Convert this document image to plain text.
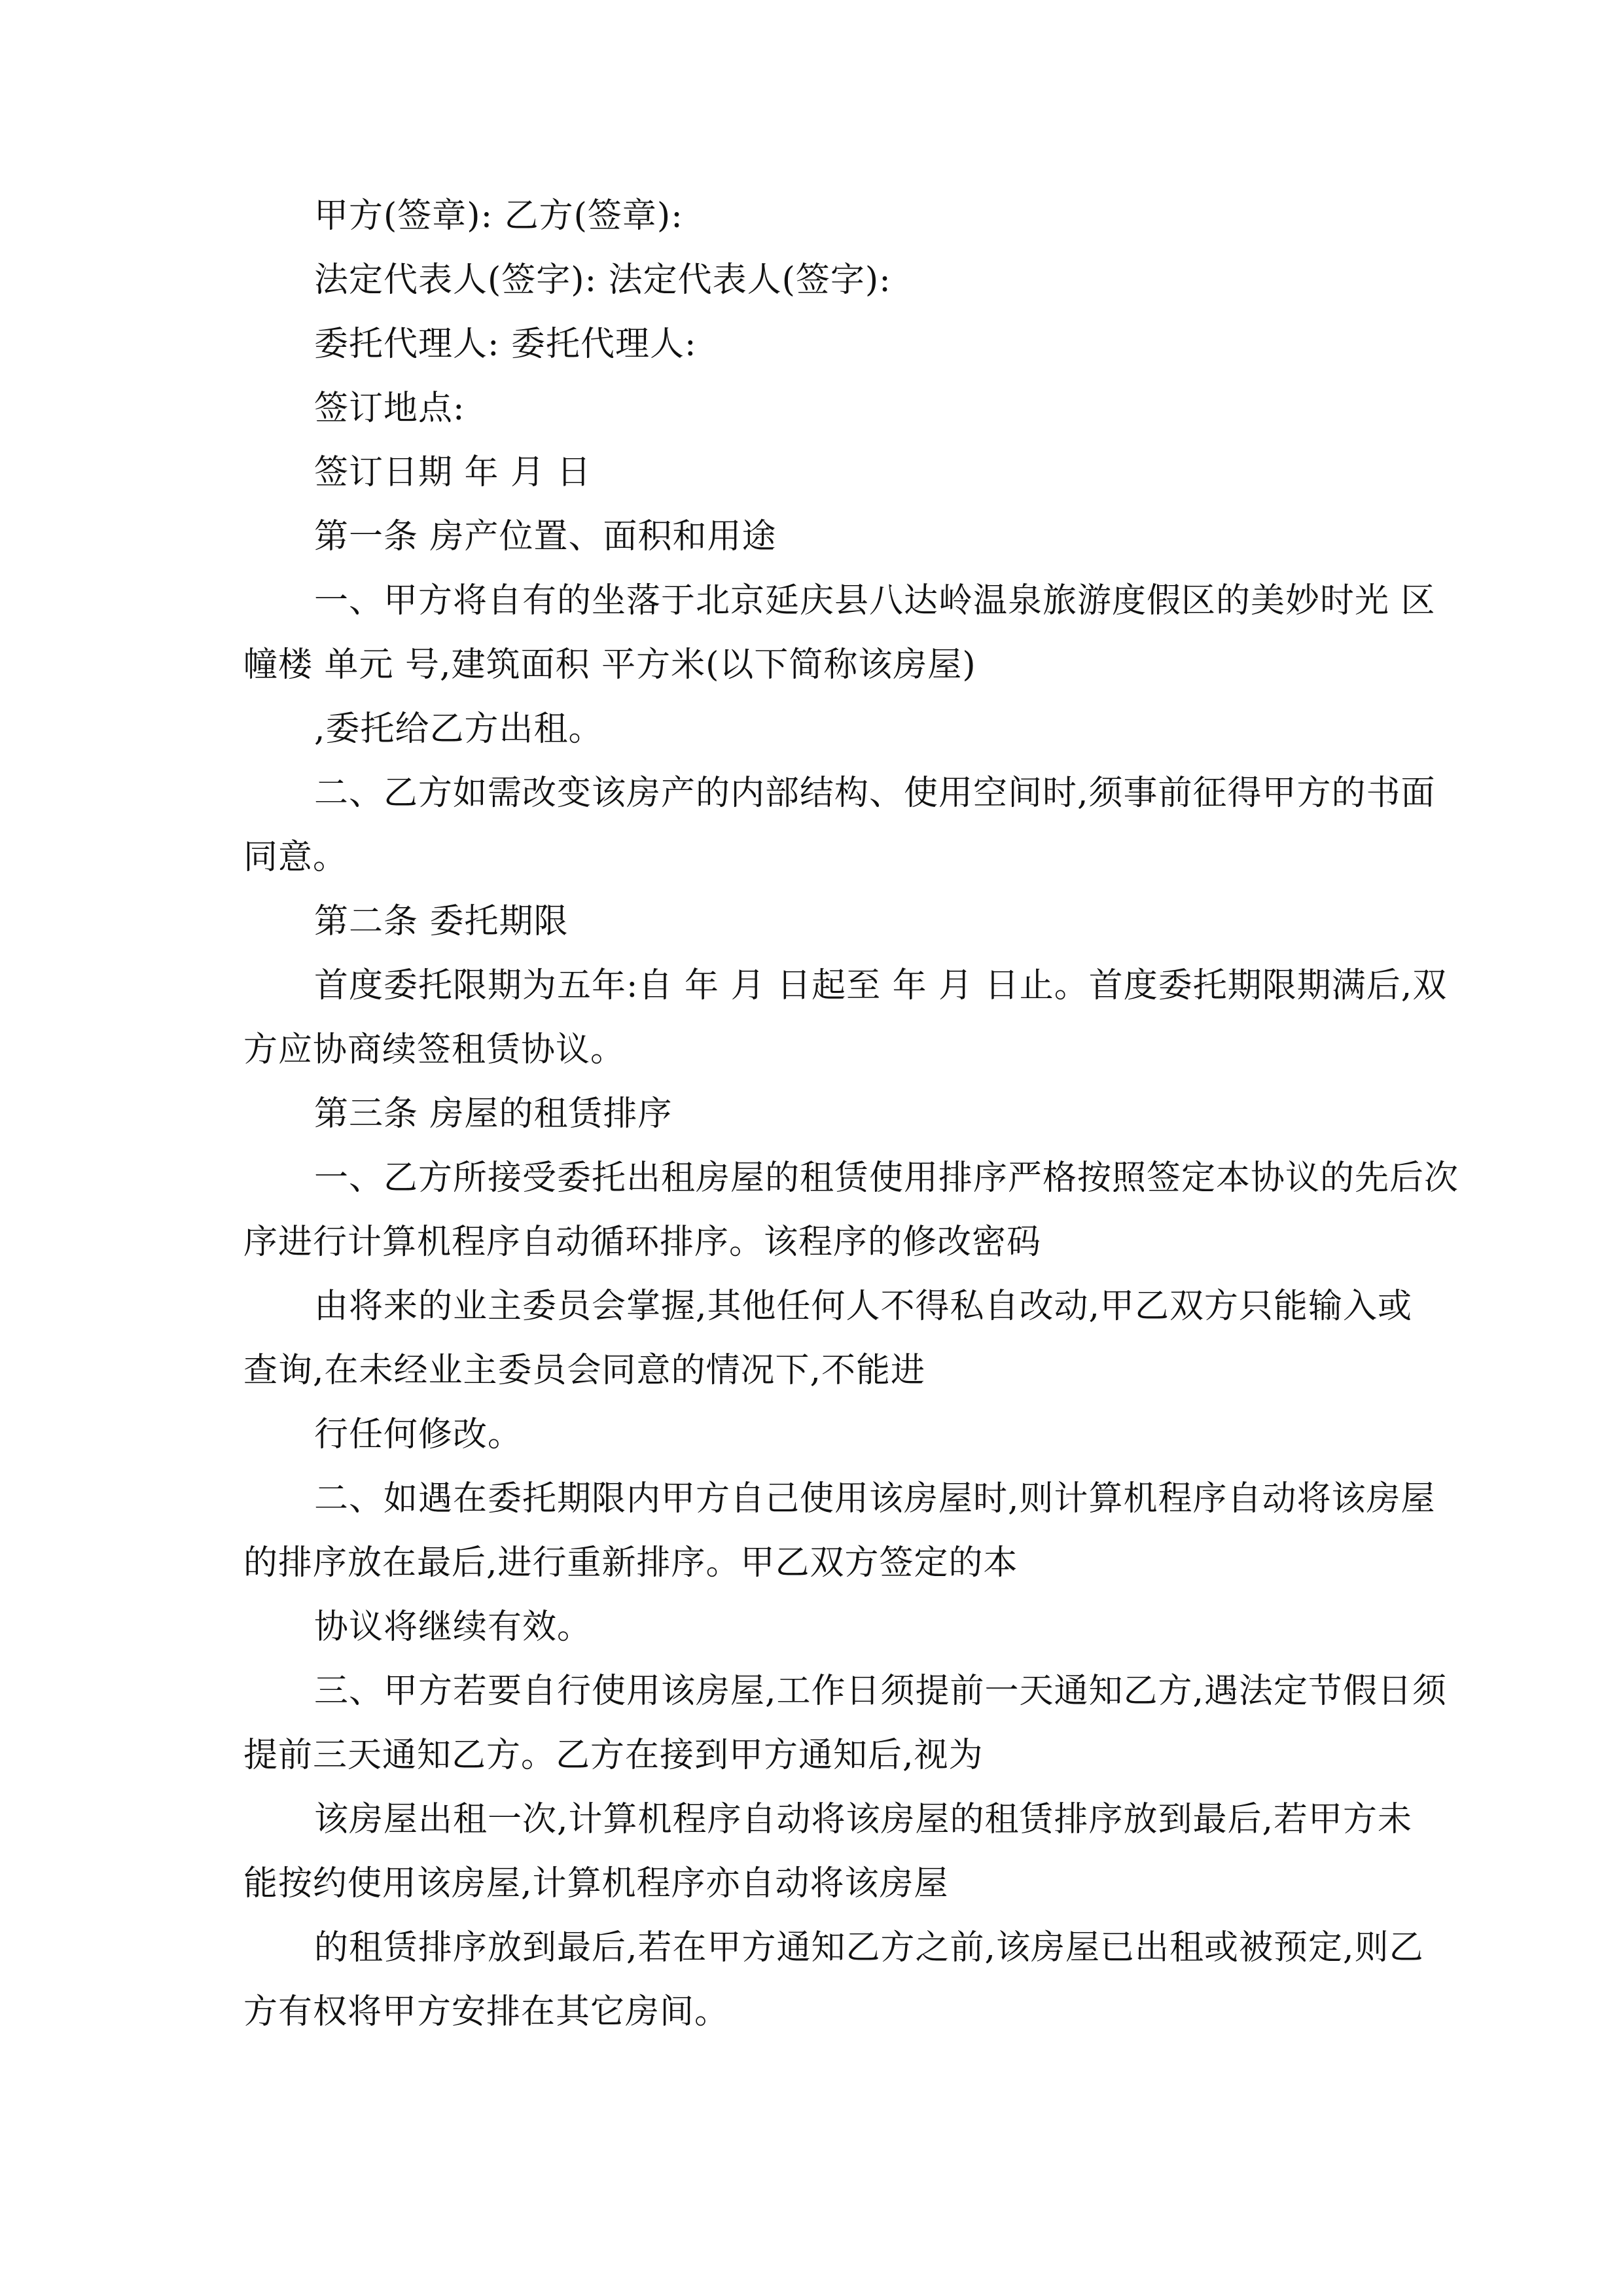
甲方(签章): 乙方(签章):
法定代表人(签字): 法定代表人(签字):
委托代理人: 委托代理人:
签订地点:
签订日期 年 月 日
第一条 房产位置、面积和用途
一、甲方将自有的坐落于北京延庆县八达岭温泉旅游度假区的美妙时光 区
幢楼 单元 号,建筑面积 平方米(以下简称该房屋)
,委托给乙方出租。
二、乙方如需改变该房产的内部结构、使用空间时,须事前征得甲方的书面
同意。
第二条 委托期限
首度委托限期为五年:自 年 月 日起至 年 月 日止。首度委托期限期满后,双
方应协商续签租赁协议。
第三条 房屋的租赁排序
一、乙方所接受委托出租房屋的租赁使用排序严格按照签定本协议的先后次
序进行计算机程序自动循环排序。该程序的修改密码
由将来的业主委员会掌握,其他任何人不得私自改动,甲乙双方只能输入或
查询,在未经业主委员会同意的情况下,不能进
行任何修改。
二、如遇在委托期限内甲方自己使用该房屋时,则计算机程序自动将该房屋
的排序放在最后,进行重新排序。甲乙双方签定的本
协议将继续有效。
三、甲方若要自行使用该房屋,工作日须提前一天通知乙方,遇法定节假日须
提前三天通知乙方。乙方在接到甲方通知后,视为
该房屋出租一次,计算机程序自动将该房屋的租赁排序放到最后,若甲方未
能按约使用该房屋,计算机程序亦自动将该房屋
的租赁排序放到最后,若在甲方通知乙方之前,该房屋已出租或被预定,则乙
方有权将甲方安排在其它房间。
